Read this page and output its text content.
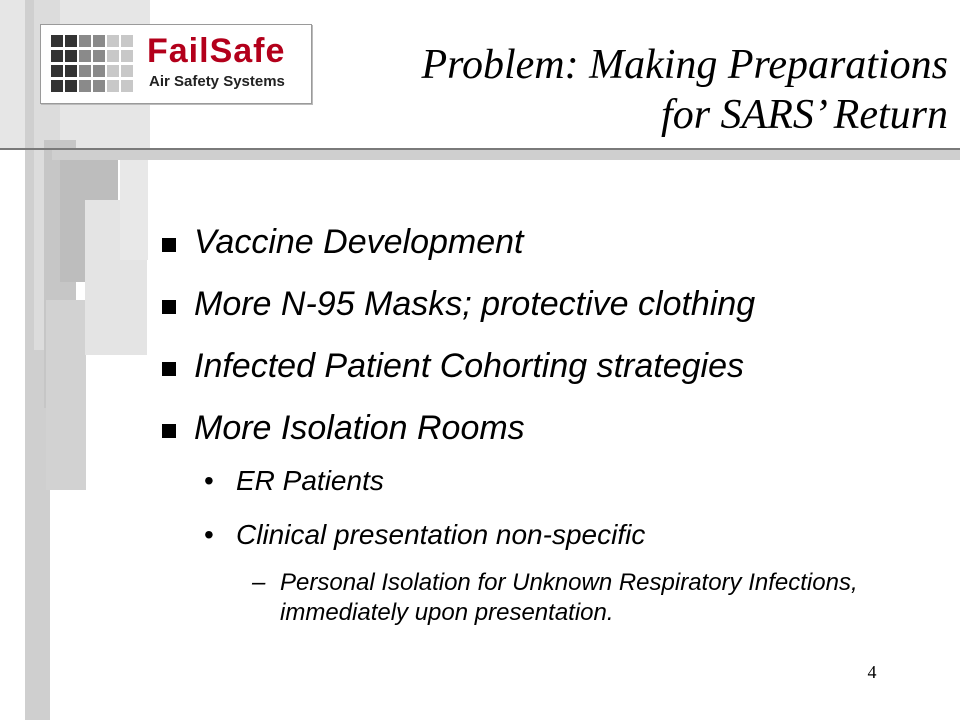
FailSafe
Air Safety Systems	Problem: Making Preparations
for SARS’ Return
Vaccine Development
More N-95 Masks; protective clothing
Infected Patient Cohorting strategies
More Isolation Rooms
• ER Patients
• Clinical presentation non-specific
– Personal Isolation for Unknown Respiratory Infections, immediately upon presentation.
4
